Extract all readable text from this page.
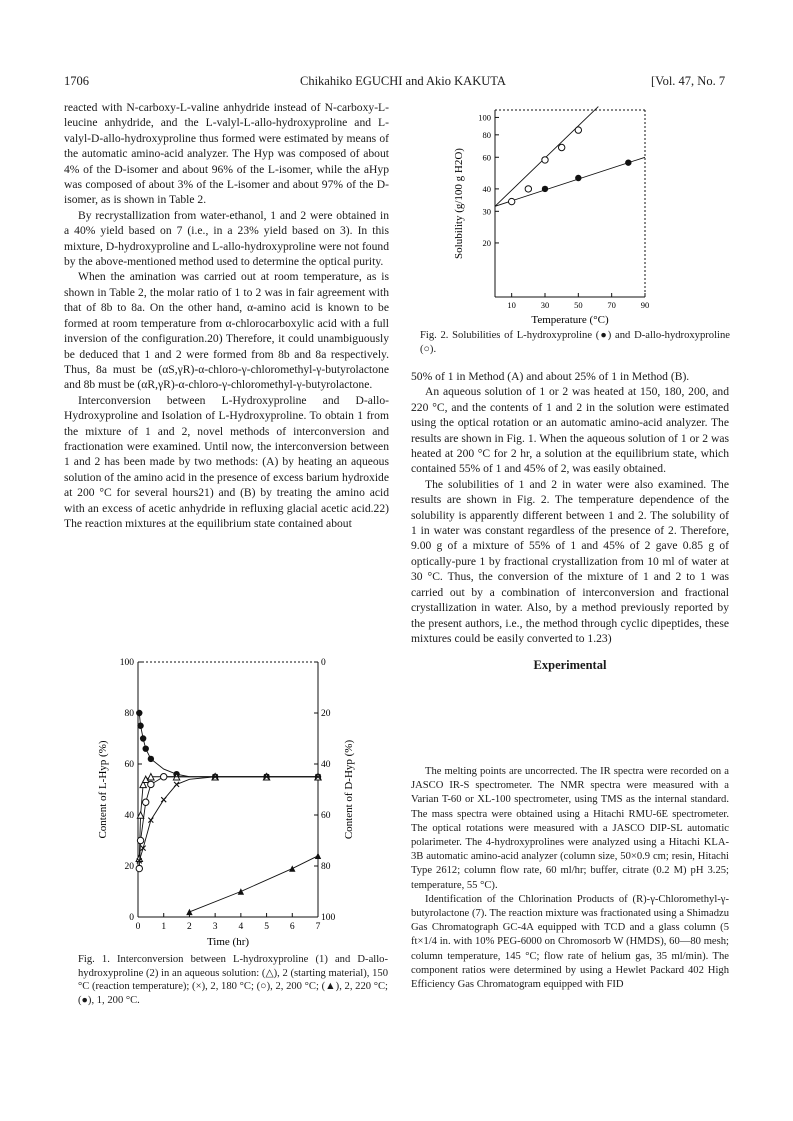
1706	Chikahiko EGUCHI and Akio KAKUTA	[Vol. 47, No. 7

reacted with N-carboxy-L-valine anhydride instead of N-carboxy-L-leucine anhydride, and the L-valyl-L-allo-hydroxyproline and L-valyl-D-allo-hydroxyproline thus formed were estimated by means of the automatic amino-acid analyzer. The Hyp was composed of about 4% of the D-isomer and about 96% of the L-isomer, while the aHyp was composed of about 3% of the L-isomer and about 97% of the D-isomer, as is shown in Table 2.

By recrystallization from water-ethanol, 1 and 2 were obtained in a 40% yield based on 7 (i.e., in a 23% yield based on 3). In this mixture, D-hydroxyproline and L-allo-hydroxyproline were not found by the above-mentioned method used to determine the optical purity.

When the amination was carried out at room temperature, as is shown in Table 2, the molar ratio of 1 to 2 was in fair agreement with that of 8b to 8a. On the other hand, α-amino acid is known to be formed at room temperature from α-chlorocarboxylic acid with a full inversion of the configuration.20) Therefore, it could unambiguously be deduced that 1 and 2 were formed from 8b and 8a respectively. Thus, 8a must be (αS,γR)-α-chloro-γ-chloromethyl-γ-butyrolactone and 8b must be (αR,γR)-α-chloro-γ-chloromethyl-γ-butyrolactone.

Interconversion between L-Hydroxyproline and D-allo-Hydroxyproline and Isolation of L-Hydroxyproline. To obtain 1 from the mixture of 1 and 2, novel methods of interconversion and fractionation were examined. Until now, the interconversion between 1 and 2 has been made by two methods: (A) by heating an aqueous solution of the amino acid in the presence of excess barium hydroxide at 200 °C for several hours21) and (B) by treating the amino acid with an excess of acetic anhydride in refluxing glacial acetic acid.22) The reaction mixtures at the equilibrium state contained about

10	30	50	70	90
20
30
40
60
80
100
Temperature (°C)
Solubility (g/100 g H2O)
Fig. 2. Solubilities of L-hydroxyproline (●) and D-allo-hydroxyproline (○).

50% of 1 in Method (A) and about 25% of 1 in Method (B).

An aqueous solution of 1 or 2 was heated at 150, 180, 200, and 220 °C, and the contents of 1 and 2 in the solution were estimated using the optical rotation or an automatic amino-acid analyzer. The results are shown in Fig. 1. When the aqueous solution of 1 or 2 was heated at 200 °C for 2 hr, a solution at the equilibrium state, which contained 55% of 1 and 45% of 2, was easily obtained.

The solubilities of 1 and 2 in water were also examined. The results are shown in Fig. 2. The temperature dependence of the solubility is apparently different between 1 and 2. The solubility of 1 in water was constant regardless of the presence of 2. Therefore, 9.00 g of a mixture of 55% of 1 and 45% of 2 gave 0.85 g of optically-pure 1 by fractional crystallization from 10 ml of water at 30 °C. Thus, the conversion of the mixture of 1 and 2 to 1 was carried out by a combination of interconversion and fractional crystallization in water. Also, by a method previously reported by the present authors, i.e., the method through cyclic dipeptides, these mixtures could be easily converted to 1.23)

Experimental

The melting points are uncorrected. The IR spectra were recorded on a JASCO IR-S spectrometer. The NMR spectra were measured with a Varian T-60 or XL-100 spectrometer, using TMS as the internal standard. The mass spectra were obtained using a Hitachi RMU-6E spectrometer. The optical rotations were measured with a JASCO DIP-SL automatic polarimeter. The 4-hydroxyprolines were analyzed using a Hitachi KLA-3B automatic amino-acid analyzer (column size, 50×0.9 cm; resin, Hitachi Type 2612; column flow rate, 60 ml/hr; buffer, citrate (0.2 M) pH 3.25; temperature, 55 °C).

Identification of the Chlorination Products of (R)-γ-Chloromethyl-γ-butyrolactone (7). The reaction mixture was fractionated using a Shimadzu Gas Chromatograph GC-4A equipped with TCD and a glass column (5 ft×1/4 in. with 10% PEG-6000 on Chromosorb W (HMDS), 60—80 mesh; column temperature, 145 °C; flow rate of helium gas, 35 ml/min). The component ratios were determined by using a Hewlet Packard 402 High Efficiency Gas Chromatogram equipped with FID

0 1 2 3 4 5 6 7
0
20
40
60
80
100
100
80
60
40
20
0
Time (hr)
Content of L-Hyp (%)	Content of D-Hyp (%)
Fig. 1. Interconversion between L-hydroxyproline (1) and D-allo-hydroxyproline (2) in an aqueous solution: (△), 2 (starting material), 150 °C (reaction temperature); (×), 2, 180 °C; (○), 2, 200 °C; (▲), 2, 220 °C; (●), 1, 200 °C.
